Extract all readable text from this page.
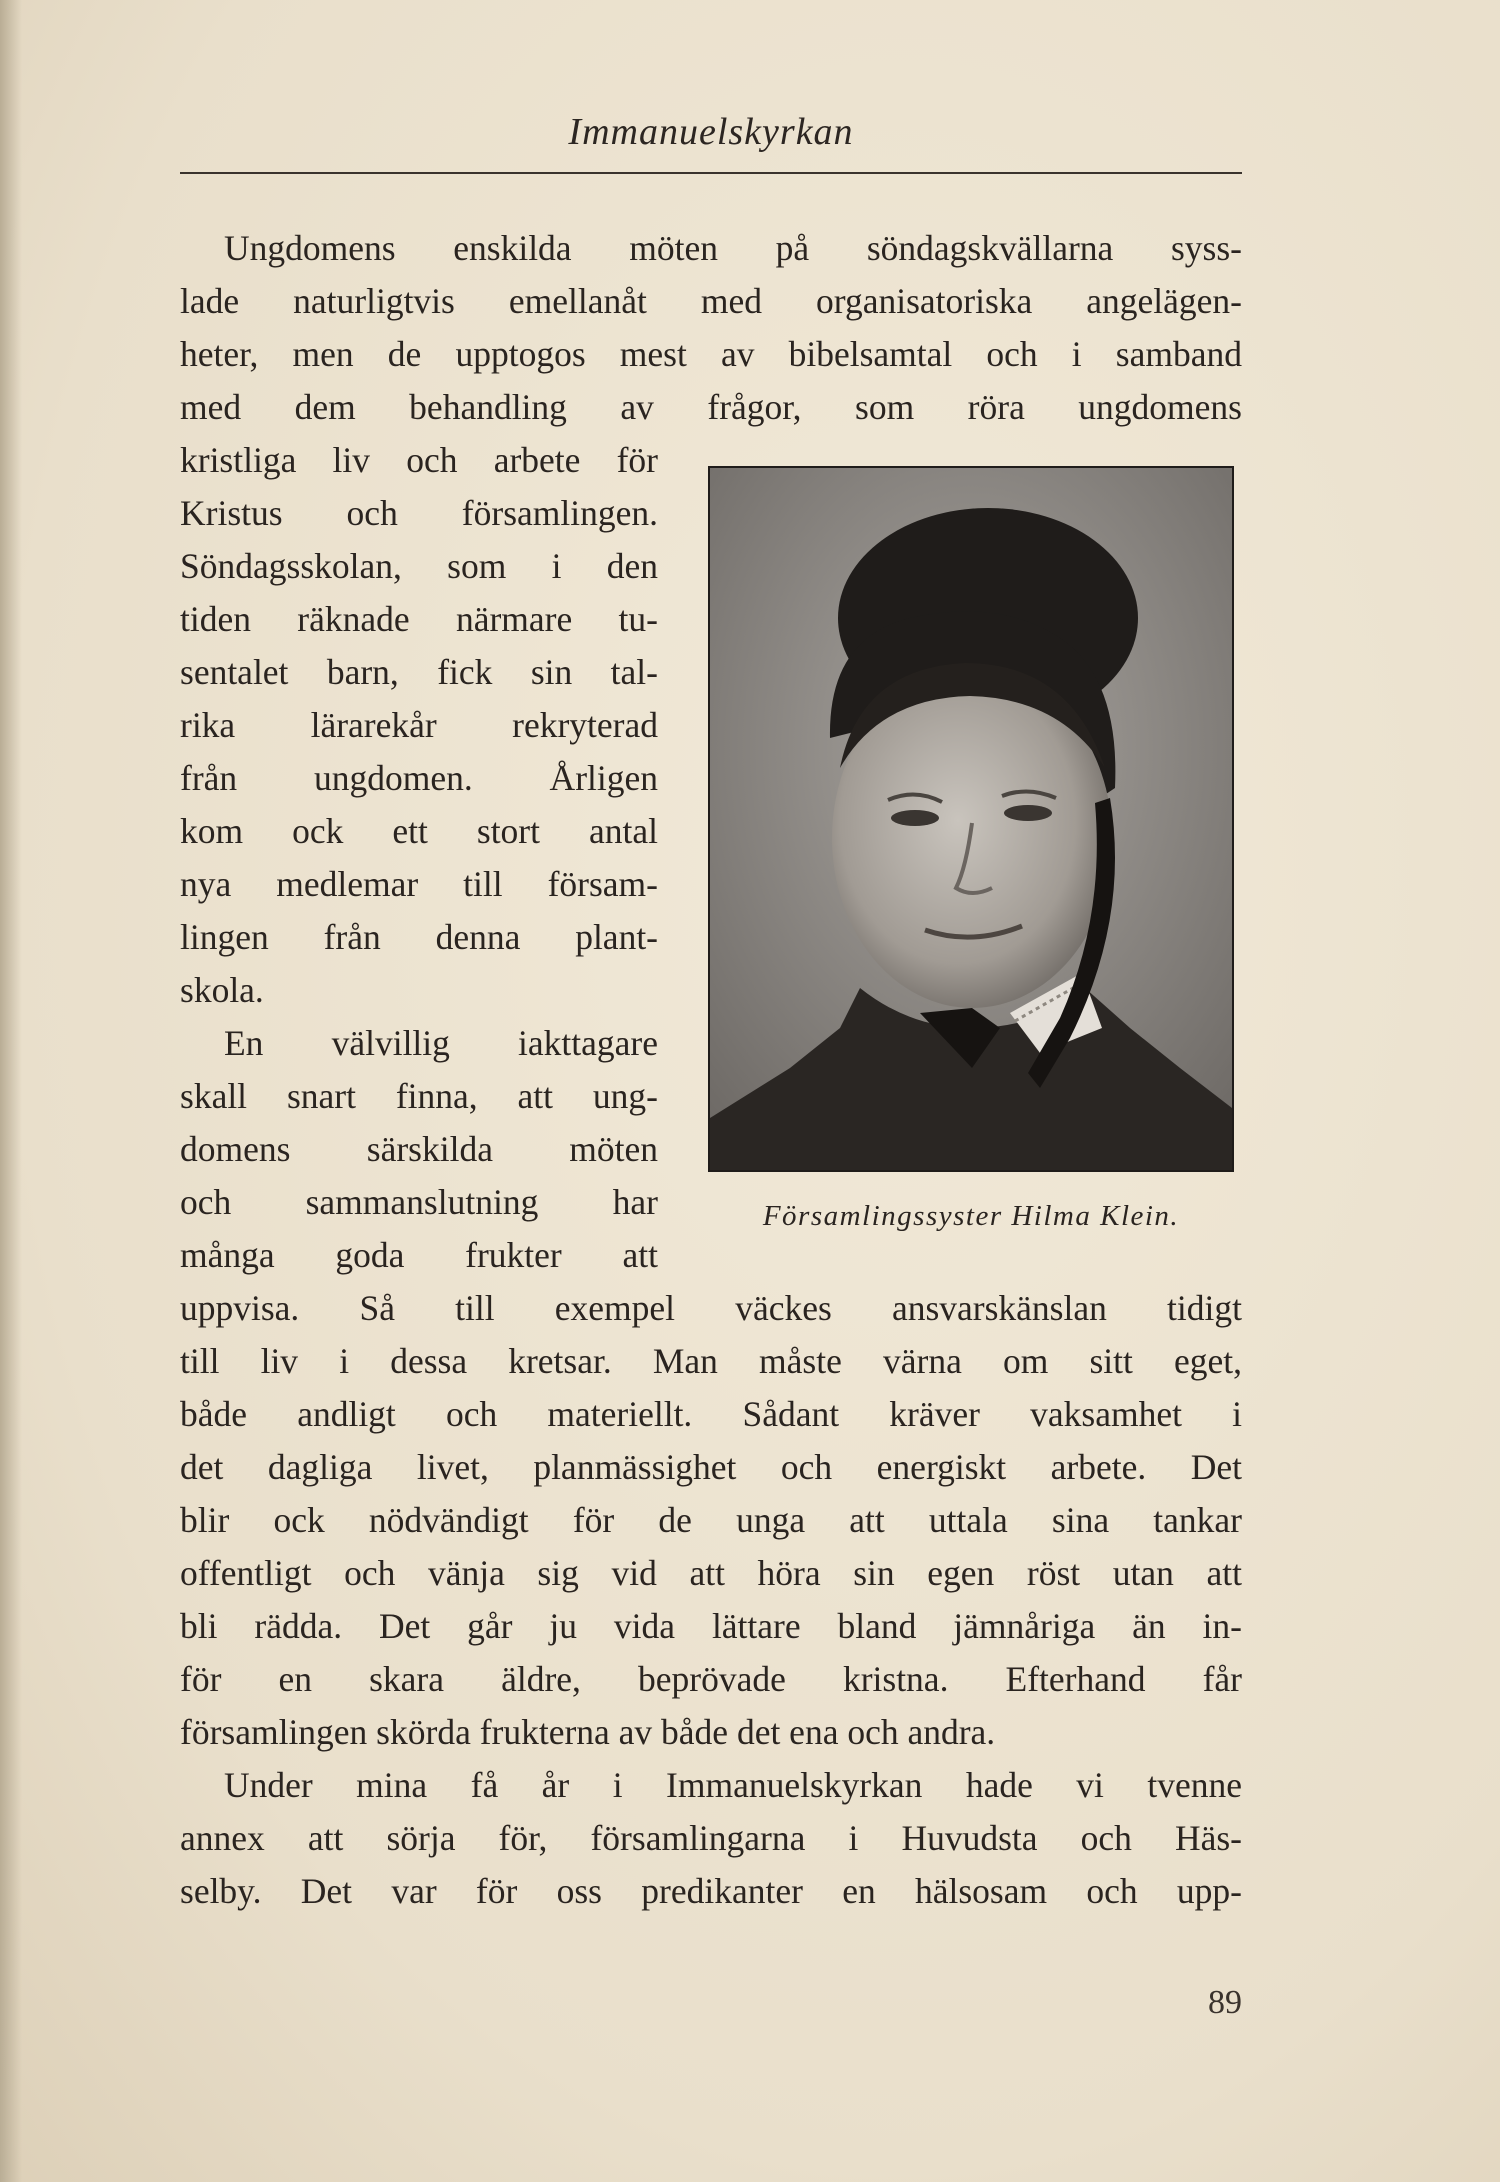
Immanuelskyrkan
Ungdomens enskilda möten på söndagskvällarna syss-
lade naturligtvis emellanåt med organisatoriska angelägen-
heter, men de upptogos mest av bibelsamtal och i samband
med dem behandling av frågor, som röra ungdomens
kristliga liv och arbete för
Kristus och församlingen.
Söndagsskolan, som i den
tiden räknade närmare tu-
sentalet barn, fick sin tal-
rika lärarekår rekryterad
från ungdomen. Årligen
kom ock ett stort antal
nya medlemar till försam-
lingen från denna plant-
skola.
En välvillig iakttagare
skall snart finna, att ung-
domens särskilda möten
och sammanslutning har
många goda frukter att
Församlingssyster Hilma Klein.
uppvisa. Så till exempel väckes ansvarskänslan tidigt
till liv i dessa kretsar. Man måste värna om sitt eget,
både andligt och materiellt. Sådant kräver vaksamhet i
det dagliga livet, planmässighet och energiskt arbete. Det
blir ock nödvändigt för de unga att uttala sina tankar
offentligt och vänja sig vid att höra sin egen röst utan att
bli rädda. Det går ju vida lättare bland jämnåriga än in-
för en skara äldre, beprövade kristna. Efterhand får
församlingen skörda frukterna av både det ena och andra.
Under mina få år i Immanuelskyrkan hade vi tvenne
annex att sörja för, församlingarna i Huvudsta och Häs-
selby. Det var för oss predikanter en hälsosam och upp-
89
